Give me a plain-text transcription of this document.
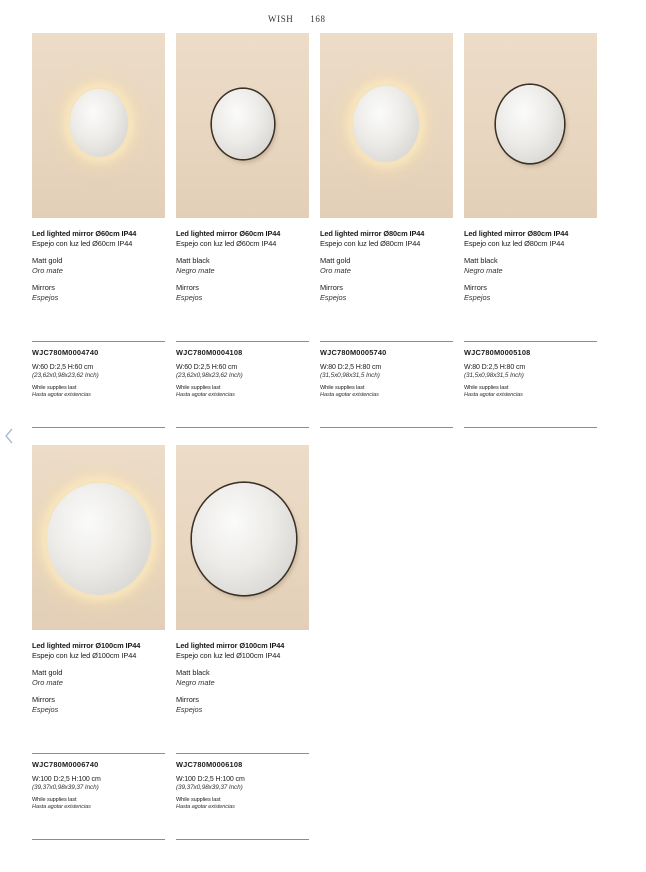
WISH 168
Led lighted mirror Ø60cm IP44
Espejo con luz led Ø60cm IP44
Matt gold
Oro mate
Mirrors
Espejos
WJC780M0004740
W:60 D:2,5 H:60 cm
(23,62x0,98x23,62 Inch)
While supplies last
Hasta agotar existencias
Led lighted mirror Ø60cm IP44
Espejo con luz led Ø60cm IP44
Matt black
Negro mate
Mirrors
Espejos
WJC780M0004108
W:60 D:2,5 H:60 cm
(23,62x0,98x23,62 Inch)
While supplies last
Hasta agotar existencias
Led lighted mirror Ø80cm IP44
Espejo con luz led Ø80cm IP44
Matt gold
Oro mate
Mirrors
Espejos
WJC780M0005740
W:80 D:2,5 H:80 cm
(31,5x0,98x31,5 Inch)
While supplies last
Hasta agotar existencias
Led lighted mirror Ø80cm IP44
Espejo con luz led Ø80cm IP44
Matt black
Negro mate
Mirrors
Espejos
WJC780M0005108
W:80 D:2,5 H:80 cm
(31,5x0,98x31,5 Inch)
While supplies last
Hasta agotar existencias
Led lighted mirror Ø100cm IP44
Espejo con luz led Ø100cm IP44
Matt gold
Oro mate
Mirrors
Espejos
WJC780M0006740
W:100 D:2,5 H:100 cm
(39,37x0,98x39,37 Inch)
While supplies last
Hasta agotar existencias
Led lighted mirror Ø100cm IP44
Espejo con luz led Ø100cm IP44
Matt black
Negro mate
Mirrors
Espejos
WJC780M0006108
W:100 D:2,5 H:100 cm
(39,37x0,98x39,37 Inch)
While supplies last
Hasta agotar existencias
